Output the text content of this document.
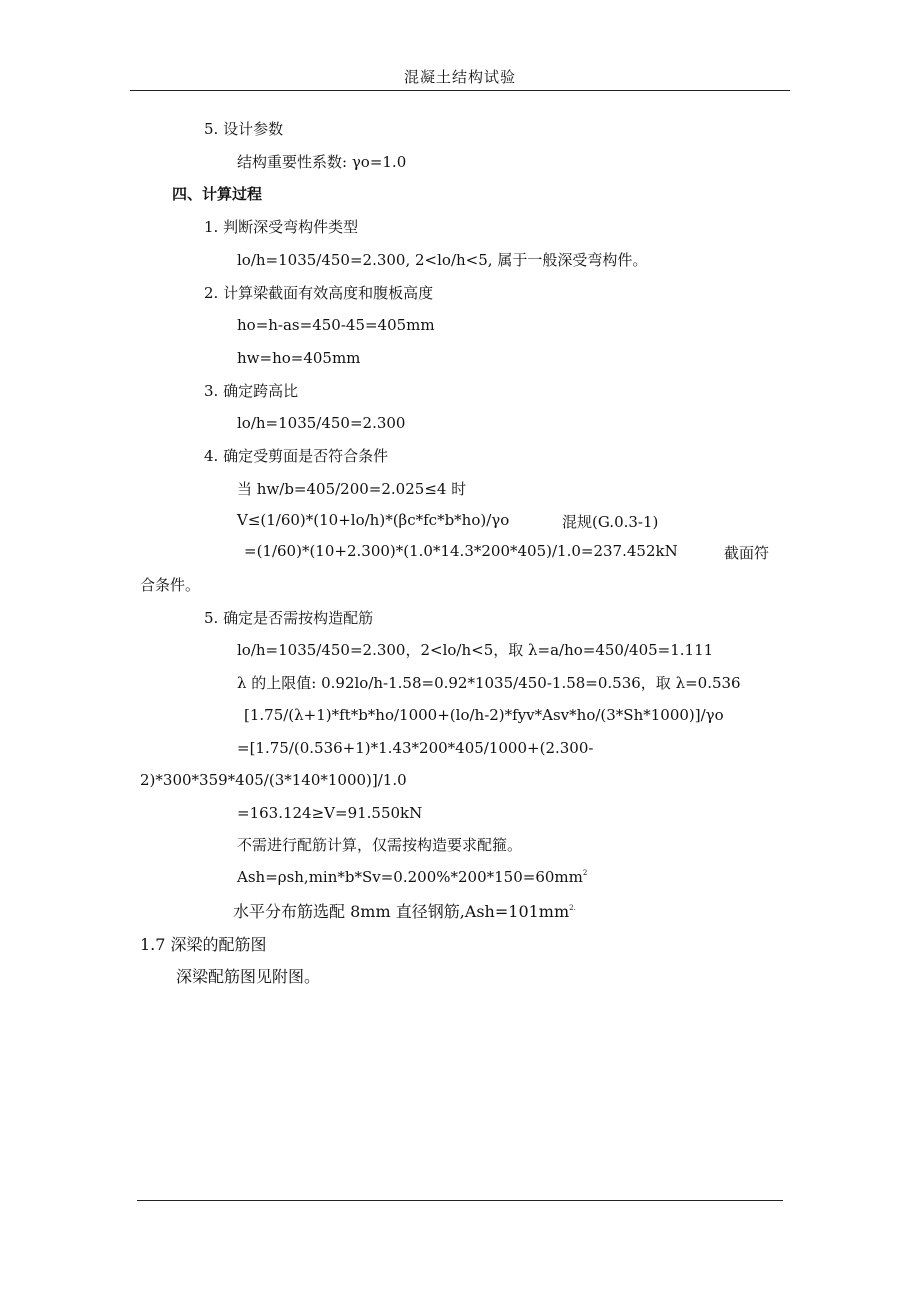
混凝土结构试验
5. 设计参数
结构重要性系数: γo=1.0
四、计算过程
1. 判断深受弯构件类型
lo/h=1035/450=2.300, 2<lo/h<5, 属于一般深受弯构件。
2. 计算梁截面有效高度和腹板高度
ho=h-as=450-45=405mm
hw=ho=405mm
3. 确定跨高比
lo/h=1035/450=2.300
4. 确定受剪面是否符合条件
当 hw/b=405/200=2.025≤4 时
V≤(1/60)*(10+lo/h)*(βc*fc*b*ho)/γo	混规(G.0.3-1)
=(1/60)*(10+2.300)*(1.0*14.3*200*405)/1.0=237.452kN	截面符
合条件。
5. 确定是否需按构造配筋
lo/h=1035/450=2.300，2<lo/h<5，取 λ=a/ho=450/405=1.111
λ 的上限值: 0.92lo/h-1.58=0.92*1035/450-1.58=0.536，取 λ=0.536
[1.75/(λ+1)*ft*b*ho/1000+(lo/h-2)*fyv*Asv*ho/(3*Sh*1000)]/γo
=[1.75/(0.536+1)*1.43*200*405/1000+(2.300-
2)*300*359*405/(3*140*1000)]/1.0
=163.124≥V=91.550kN
不需进行配筋计算，仅需按构造要求配箍。
$Ash=\rho sh,\min*b*Sv=0.200\%*200*150=60mm^2$
水平分布筋选配 8mm 直径钢筋$,Ash=101mm^{2.}$
1.7 深梁的配筋图
深梁配筋图见附图。
